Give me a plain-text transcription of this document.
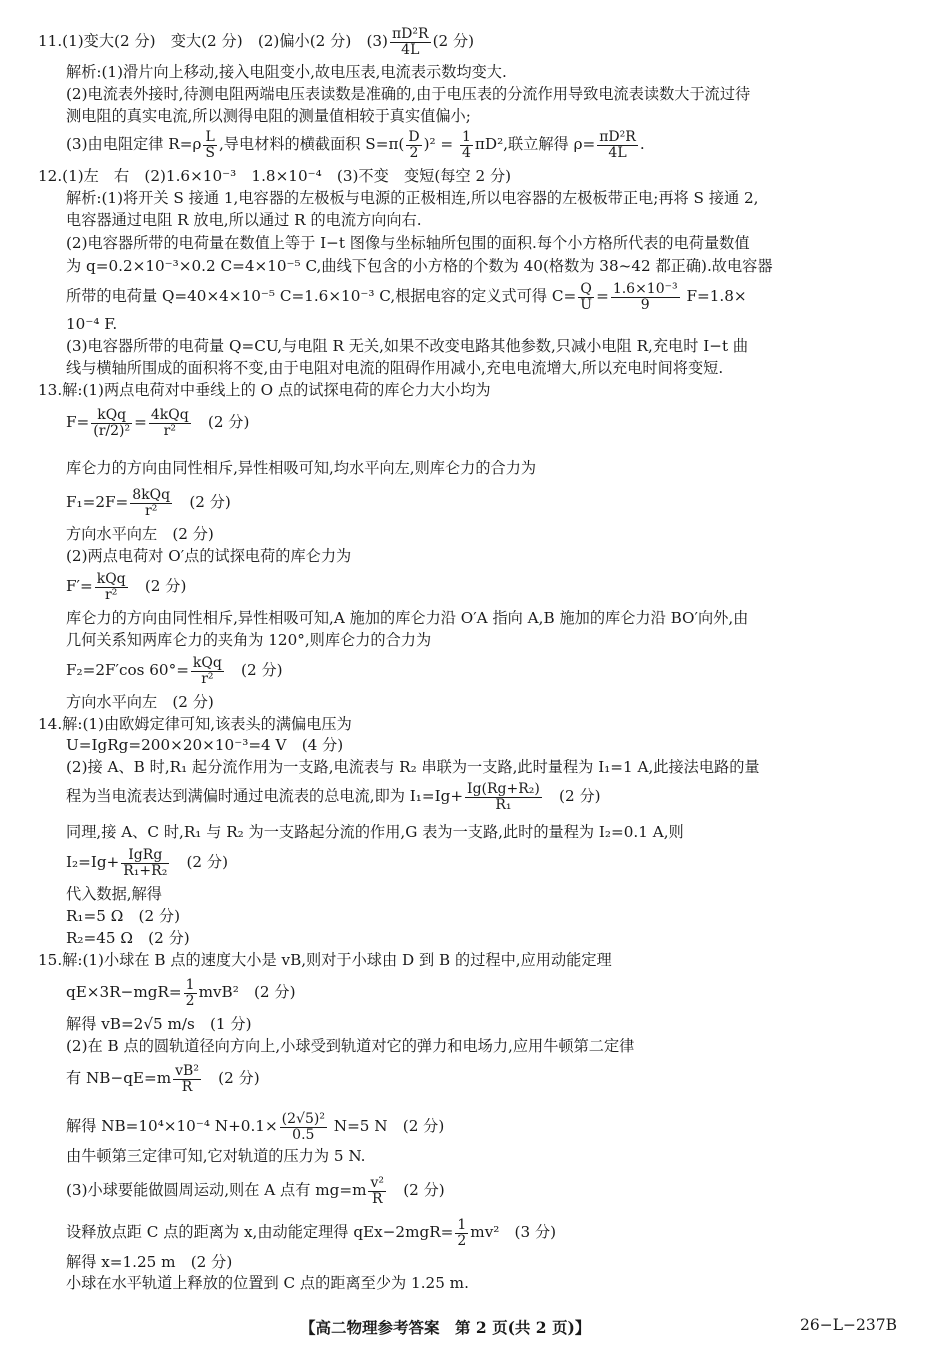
11.(1)变大(2 分)　变大(2 分)　(2)偏小(2 分)　$(3) \frac{\text{πD²R}}{4L} (2$ 分)
解析:(1)滑片向上移动,接入电阻变小,故电压表,电流表示数均变大.
(2)电流表外接时,待测电阻两端电压表读数是准确的,由于电压表的分流作用导致电流表读数大于流过待
测电阻的真实电流,所以测得电阻的测量值相较于真实值偏小;
(3)由电阻定律 $R=\rho \frac{L}{S}$ ,导电材料的横截面积 $S=\pi( \frac{D}{2} )^2 = \frac{1}{4} \pi D^2$,联立解得 $\rho= \frac{\text{πD²R}}{4L}$ .
12.(1)左　右　(2)1.6×10⁻³　1.8×10⁻⁴　(3)不变　变短(每空 2 分)
解析:(1)将开关 S 接通 1,电容器的左极板与电源的正极相连,所以电容器的左极板带正电;再将 S 接通 2,
电容器通过电阻 R 放电,所以通过 R 的电流方向向右.
(2)电容器所带的电荷量在数值上等于 I−t 图像与坐标轴所包围的面积.每个小方格所代表的电荷量数值
为 q=0.2×10⁻³×0.2 C=4×10⁻⁵ C,曲线下包含的小方格的个数为 40(格数为 38~42 都正确).故电容器
所带的电荷量 Q=40×4×10⁻⁵ C=1.6×10⁻³ C,根据电容的定义式可得 $C= \frac{Q}{U} = \frac{\text{1.6×10⁻³}}{9} F=1.8\times$
10⁻⁴ F.
(3)电容器所带的电荷量 Q=CU,与电阻 R 无关,如果不改变电路其他参数,只减小电阻 R,充电时 I−t 曲
线与横轴所围成的面积将不变,由于电阻对电流的阻碍作用减小,充电电流增大,所以充电时间将变短.
13.解:(1)两点电荷对中垂线上的 O 点的试探电荷的库仑力大小均为
$F= \frac{\text{kQq}}{\text{(r/2)²}} = \frac{\text{4kQq}}{\text{r²}}$ 　(2 分)
库仑力的方向由同性相斥,异性相吸可知,均水平向左,则库仑力的合力为
$F_1=2F= \frac{\text{8kQq}}{\text{r²}}$ 　(2 分)
方向水平向左　(2 分)
(2)两点电荷对 O′点的试探电荷的库仑力为
$F'= \frac{\text{kQq}}{\text{r²}}$ 　(2 分)
库仑力的方向由同性相斥,异性相吸可知,A 施加的库仑力沿 O′A 指向 A,B 施加的库仑力沿 BO′向外,由
几何关系知两库仑力的夹角为 120°,则库仑力的合力为
F₂=2F′cos $60^\circ= \frac{\text{kQq}}{\text{r²}}$ 　(2 分)
方向水平向左　(2 分)
14.解:(1)由欧姆定律可知,该表头的满偏电压为
U=IgRg=200×20×10⁻³=4 V　(4 分)
(2)接 A、B 时,R₁ 起分流作用为一支路,电流表与 R₂ 串联为一支路,此时量程为 I₁=1 A,此接法电路的量
程为当电流表达到满偏时通过电流表的总电流,即为 $I_1=Ig+ \frac{\text{Ig(Rg+R₂)}}{\text{R₁}}$ 　(2 分)
同理,接 A、C 时,R₁ 与 R₂ 为一支路起分流的作用,G 表为一支路,此时的量程为 I₂=0.1 A,则
$I_2=Ig+ \frac{\text{IgRg}}{\text{R₁+R₂}}$ 　(2 分)
代入数据,解得
R₁=5 Ω　(2 分)
R₂=45 Ω　(2 分)
15.解:(1)小球在 B 点的速度大小是 vB,则对于小球由 D 到 B 的过程中,应用动能定理
$qE\times 3R-mgR= \frac{1}{2} mvB^2$　(2 分)
解得 vB=2√5 m/s　(1 分)
(2)在 B 点的圆轨道径向方向上,小球受到轨道对它的弹力和电场力,应用牛顿第二定律
有 $NB-qE=m \frac{\text{vB²}}{R}$ 　(2 分)
解得 NB=10⁴×10⁻⁴ $N+0.1\times \frac{\text{(2√5)²}}{0.5} N=5$ N　(2 分)
由牛顿第三定律可知,它对轨道的压力为 5 N.
(3)小球要能做圆周运动,则在 A 点有 $mg=m \frac{\text{v²}}{R}$ 　(2 分)
设释放点距 C 点的距离为 x,由动能定理得 $qEx-2mgR= \frac{1}{2} mv^2$　(3 分)
解得 x=1.25 m　(2 分)
小球在水平轨道上释放的位置到 C 点的距离至少为 1.25 m.
【高二物理参考答案　第 2 页(共 2 页)】	26−L−237B
